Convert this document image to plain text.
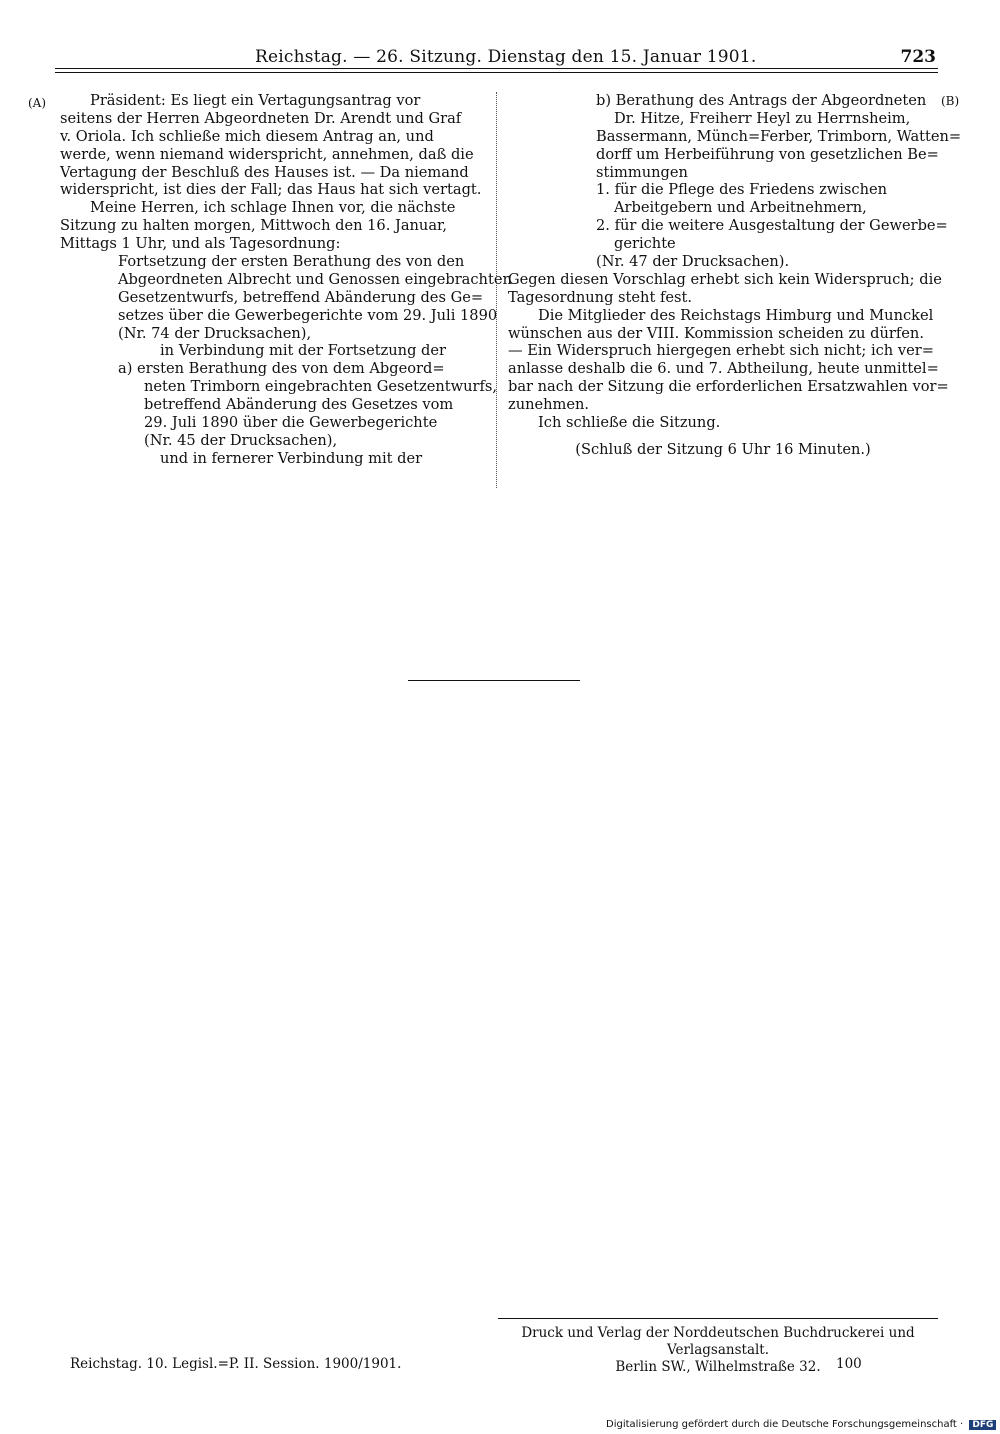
Reichstag. — 26. Sitzung. Dienstag den 15. Januar 1901.	723
(A)	(B)
Präsident: Es liegt ein Vertagungsantrag vor
seitens der Herren Abgeordneten Dr. Arendt und Graf
v. Oriola. Ich schließe mich diesem Antrag an, und
werde, wenn niemand widerspricht, annehmen, daß die
Vertagung der Beschluß des Hauses ist. — Da niemand
widerspricht, ist dies der Fall; das Haus hat sich vertagt.
Meine Herren, ich schlage Ihnen vor, die nächste
Sitzung zu halten morgen, Mittwoch den 16. Januar,
Mittags 1 Uhr, und als Tagesordnung:
Fortsetzung der ersten Berathung des von den
Abgeordneten Albrecht und Genossen eingebrachten
Gesetzentwurfs, betreffend Abänderung des Ge=
setzes über die Gewerbegerichte vom 29. Juli 1890
(Nr. 74 der Drucksachen),
in Verbindung mit der Fortsetzung der
a) ersten Berathung des von dem Abgeord=
neten Trimborn eingebrachten Gesetzentwurfs,
betreffend Abänderung des Gesetzes vom
29. Juli 1890 über die Gewerbegerichte
(Nr. 45 der Drucksachen),
und in fernerer Verbindung mit der
b) Berathung des Antrags der Abgeordneten
Dr. Hitze, Freiherr Heyl zu Herrnsheim,
Bassermann, Münch=Ferber, Trimborn, Watten=
dorff um Herbeiführung von gesetzlichen Be=
stimmungen
1. für die Pflege des Friedens zwischen
Arbeitgebern und Arbeitnehmern,
2. für die weitere Ausgestaltung der Gewerbe=
gerichte
(Nr. 47 der Drucksachen).
Gegen diesen Vorschlag erhebt sich kein Widerspruch; die
Tagesordnung steht fest.
Die Mitglieder des Reichstags Himburg und Munckel
wünschen aus der VIII. Kommission scheiden zu dürfen.
— Ein Widerspruch hiergegen erhebt sich nicht; ich ver=
anlasse deshalb die 6. und 7. Abtheilung, heute unmittel=
bar nach der Sitzung die erforderlichen Ersatzwahlen vor=
zunehmen.
Ich schließe die Sitzung.
(Schluß der Sitzung 6 Uhr 16 Minuten.)
Druck und Verlag der Norddeutschen Buchdruckerei und Verlagsanstalt.
Berlin SW., Wilhelmstraße 32.
Reichstag. 10. Legisl.=P. II. Session. 1900/1901.	100
Digitalisierung gefördert durch die Deutsche Forschungsgemeinschaft · DFG
